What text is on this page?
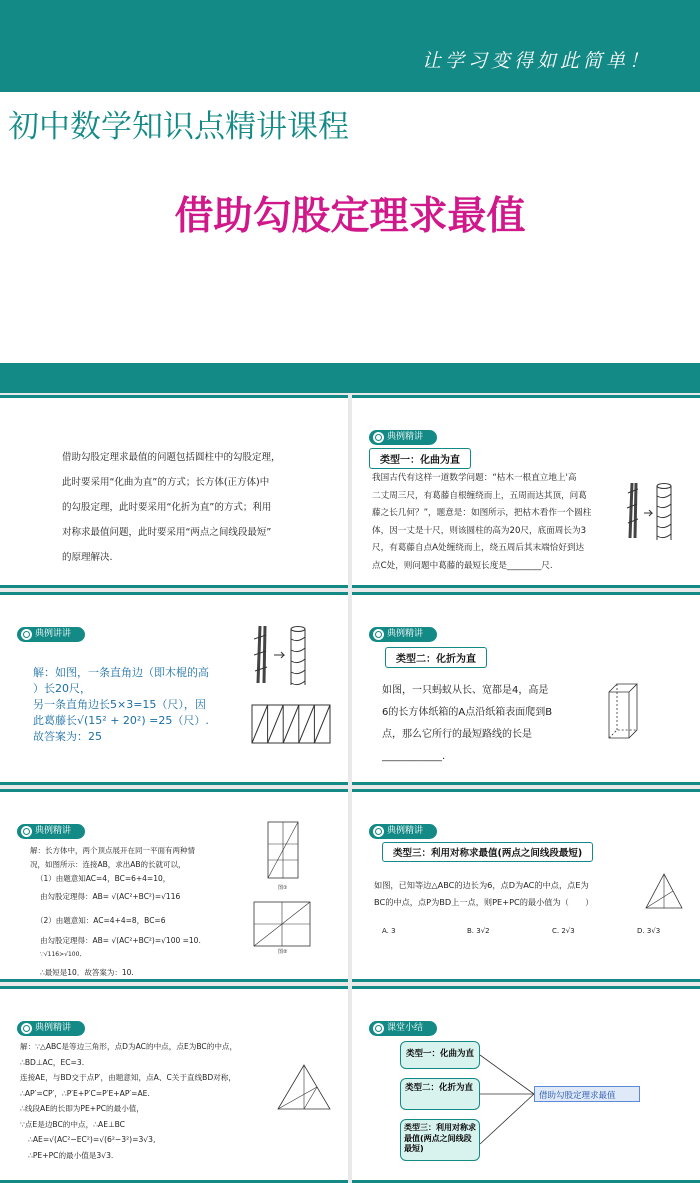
让学习变得如此简单！
初中数学知识点精讲课程
借助勾股定理求最值
借助勾股定理求最值的问题包括圆柱中的勾股定理，
此时要采用“化曲为直”的方式；长方体(正方体)中
的勾股定理，此时要采用“化折为直”的方式；利用
对称求最值问题，此时要采用“两点之间线段最短”
的原理解决.
典例精讲
类型一：化曲为直
我国古代有这样一道数学问题：“枯木一根直立地上'高
二丈周三尺，有葛藤自根缠绕而上，五周而达其顶，问葛
藤之长几何？”，题意是：如图所示，把枯木看作一个圆柱
体，因一丈是十尺，则该圆柱的高为20尺，底面周长为3
尺，有葛藤自点A处缠绕而上，绕五周后其末端恰好到达
点C处，则问题中葛藤的最短长度是________尺.
典例讲讲
解：如图，一条直角边（即木棍的高
）长20尺，
另一条直角边长5×3=15（尺），因
此葛藤长√(15² + 20²) =25（尺）.
故答案为：25
典例精讲
类型二：化折为直
如图，一只蚂蚁从长、宽都是4，高是
6的长方体纸箱的A点沿纸箱表面爬到B
点，那么它所行的最短路线的长是
____________.
典例精讲
解：长方体中，两个顶点展开在同一平面有两种情
况，如图所示：连接AB，求出AB的长就可以，
（1）由题意知AC=4，BC=6+4=10，
由勾股定理得：AB= √(AC²+BC²)=√116
（2）由题意知：AC=4+4=8，BC=6
由勾股定理得：AB= √(AC²+BC²)=√100 =10.
∵√116>√100,
∴最短是10．故答案为：10.
图①
图②
典例精讲
类型三：利用对称求最值(两点之间线段最短)
如图，已知等边△ABC的边长为6，点D为AC的中点，点E为
BC的中点，点P为BD上一点，则PE+PC的最小值为（　　）
A. 3	B. 3√2	C. 2√3	D. 3√3
典例精讲
解：∵△ABC是等边三角形，点D为AC的中点，点E为BC的中点，
∴BD⊥AC，EC=3.
连接AE，与BD交于点P′，由题意知，点A、C关于直线BD对称，
∴AP′=CP′，∴P′E+P′C=P′E+AP′=AE.
∴线段AE的长即为PE+PC的最小值，
∵点E是边BC的中点，∴AE⊥BC
∴AE=√(AC²−EC²)=√(6²−3²)=3√3,
∴PE+PC的最小值是3√3.
课堂小结
类型一：化曲为直
类型二：化折为直
类型三：利用对称求最值(两点之间线段最短)
借助勾股定理求最值
